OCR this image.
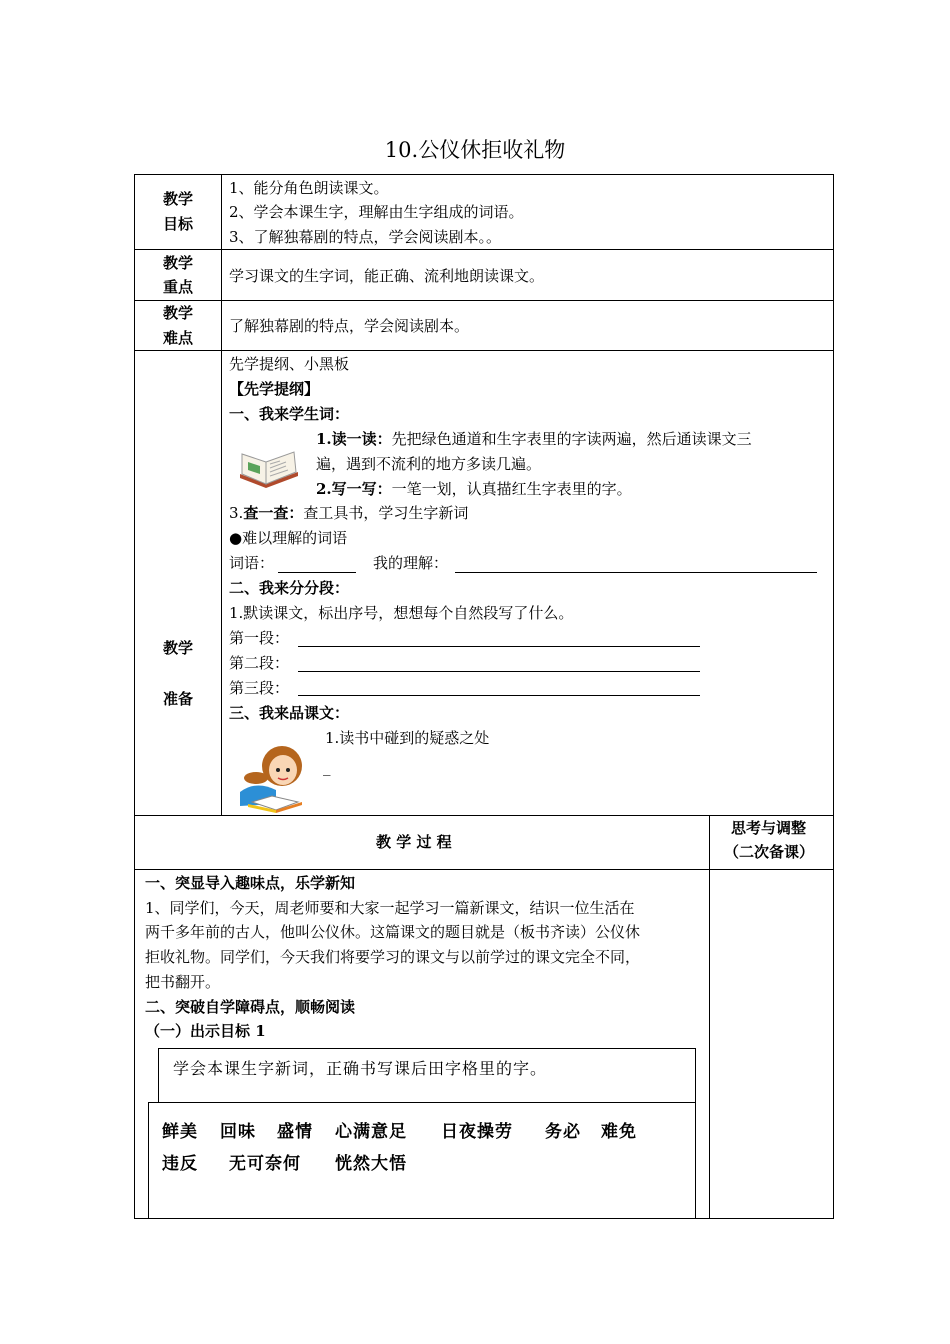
10.公仪休拒收礼物
教学
目标
1、能分角色朗读课文。
2、学会本课生字，理解由生字组成的词语。
3、了解独幕剧的特点，学会阅读剧本。。
教学
重点
学习课文的生字词，能正确、流利地朗读课文。
教学
难点
了解独幕剧的特点，学会阅读剧本。
教学
准备
先学提纲、小黑板
【先学提纲】
一、我来学生词：
1.读一读：先把绿色通道和生字表里的字读两遍，然后通读课文三
遍，遇到不流利的地方多读几遍。
2.写一写：一笔一划，认真描红生字表里的字。
3.查一查：查工具书，学习生字新词
●难以理解的词语
词语：	我的理解：
二、我来分分段：
1.默读课文，标出序号，想想每个自然段写了什么。
第一段：
第二段：
第三段：
三、我来品课文：
1.读书中碰到的疑惑之处
_
教 学 过 程
思考与调整
（二次备课）
一、突显导入趣味点，乐学新知
1、同学们，今天，周老师要和大家一起学习一篇新课文，结识一位生活在
两千多年前的古人，他叫公仪休。这篇课文的题目就是（板书齐读）公仪休
拒收礼物。同学们，今天我们将要学习的课文与以前学过的课文完全不同，
把书翻开。
二、突破自学障碍点，顺畅阅读
（一）出示目标 1
学会本课生字新词，正确书写课后田字格里的字。
鲜美 回味 盛情 心满意足 日夜操劳 务必 难免
违反 无可奈何 恍然大悟
